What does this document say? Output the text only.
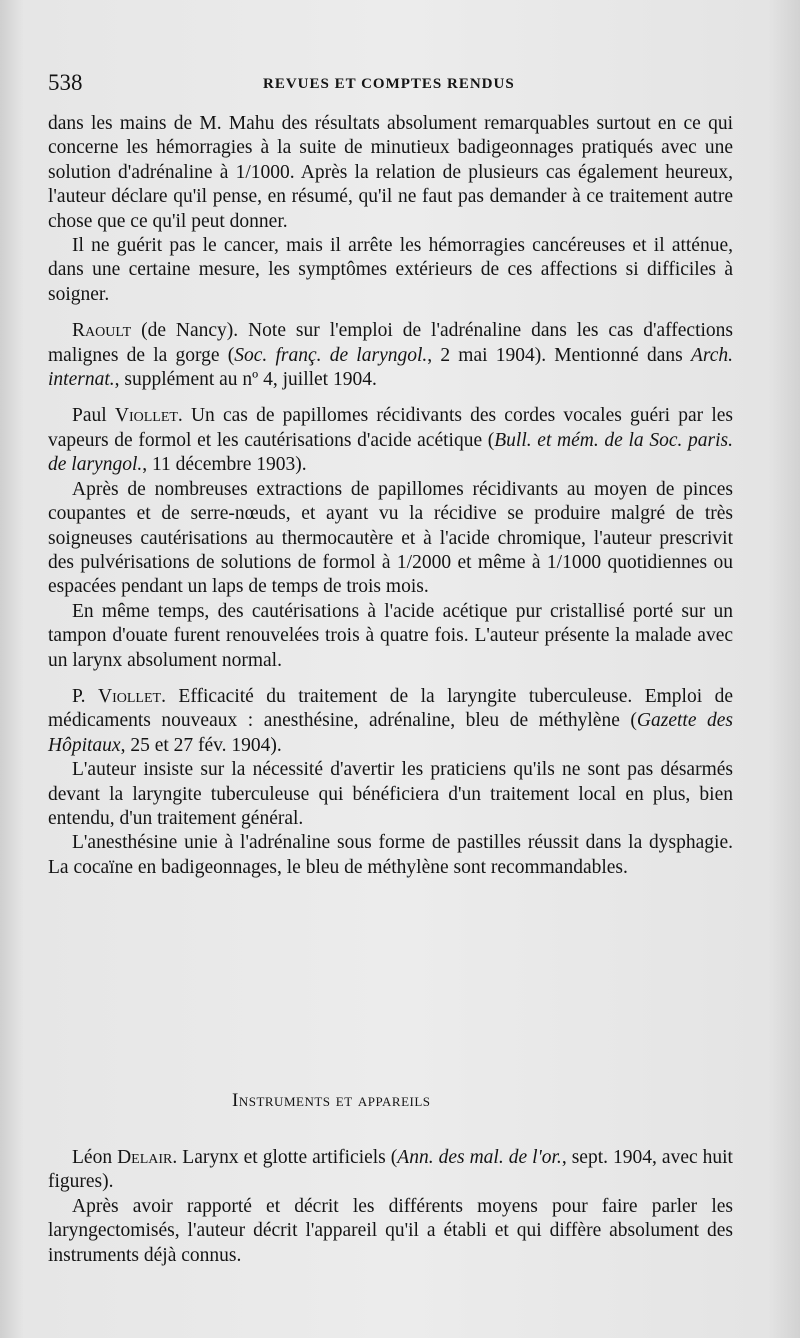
538	REVUES ET COMPTES RENDUS

dans les mains de M. Mahu des résultats absolument remarquables surtout en ce qui concerne les hémorragies à la suite de minutieux badigeonnages pratiqués avec une solution d'adrénaline à 1/1000. Après la relation de plusieurs cas également heureux, l'auteur déclare qu'il pense, en résumé, qu'il ne faut pas demander à ce traitement autre chose que ce qu'il peut donner.

Il ne guérit pas le cancer, mais il arrête les hémorragies cancéreuses et il atténue, dans une certaine mesure, les symptômes extérieurs de ces affections si difficiles à soigner.

Raoult (de Nancy). Note sur l'emploi de l'adrénaline dans les cas d'affections malignes de la gorge (Soc. franç. de laryngol., 2 mai 1904). Mentionné dans Arch. internat., supplément au nº 4, juillet 1904.

Paul Viollet. Un cas de papillomes récidivants des cordes vocales guéri par les vapeurs de formol et les cautérisations d'acide acétique (Bull. et mém. de la Soc. paris. de laryngol., 11 décembre 1903).

Après de nombreuses extractions de papillomes récidivants au moyen de pinces coupantes et de serre-nœuds, et ayant vu la récidive se produire malgré de très soigneuses cautérisations au thermocautère et à l'acide chromique, l'auteur prescrivit des pulvérisations de solutions de formol à 1/2000 et même à 1/1000 quotidiennes ou espacées pendant un laps de temps de trois mois.

En même temps, des cautérisations à l'acide acétique pur cristallisé porté sur un tampon d'ouate furent renouvelées trois à quatre fois. L'auteur présente la malade avec un larynx absolument normal.

P. Viollet. Efficacité du traitement de la laryngite tuberculeuse. Emploi de médicaments nouveaux : anesthésine, adrénaline, bleu de méthylène (Gazette des Hôpitaux, 25 et 27 fév. 1904).

L'auteur insiste sur la nécessité d'avertir les praticiens qu'ils ne sont pas désarmés devant la laryngite tuberculeuse qui bénéficiera d'un traitement local en plus, bien entendu, d'un traitement général.

L'anesthésine unie à l'adrénaline sous forme de pastilles réussit dans la dysphagie. La cocaïne en badigeonnages, le bleu de méthylène sont recommandables.

Instruments et appareils

Léon Delair. Larynx et glotte artificiels (Ann. des mal. de l'or., sept. 1904, avec huit figures).

Après avoir rapporté et décrit les différents moyens pour faire parler les laryngectomisés, l'auteur décrit l'appareil qu'il a établi et qui diffère absolument des instruments déjà connus.
